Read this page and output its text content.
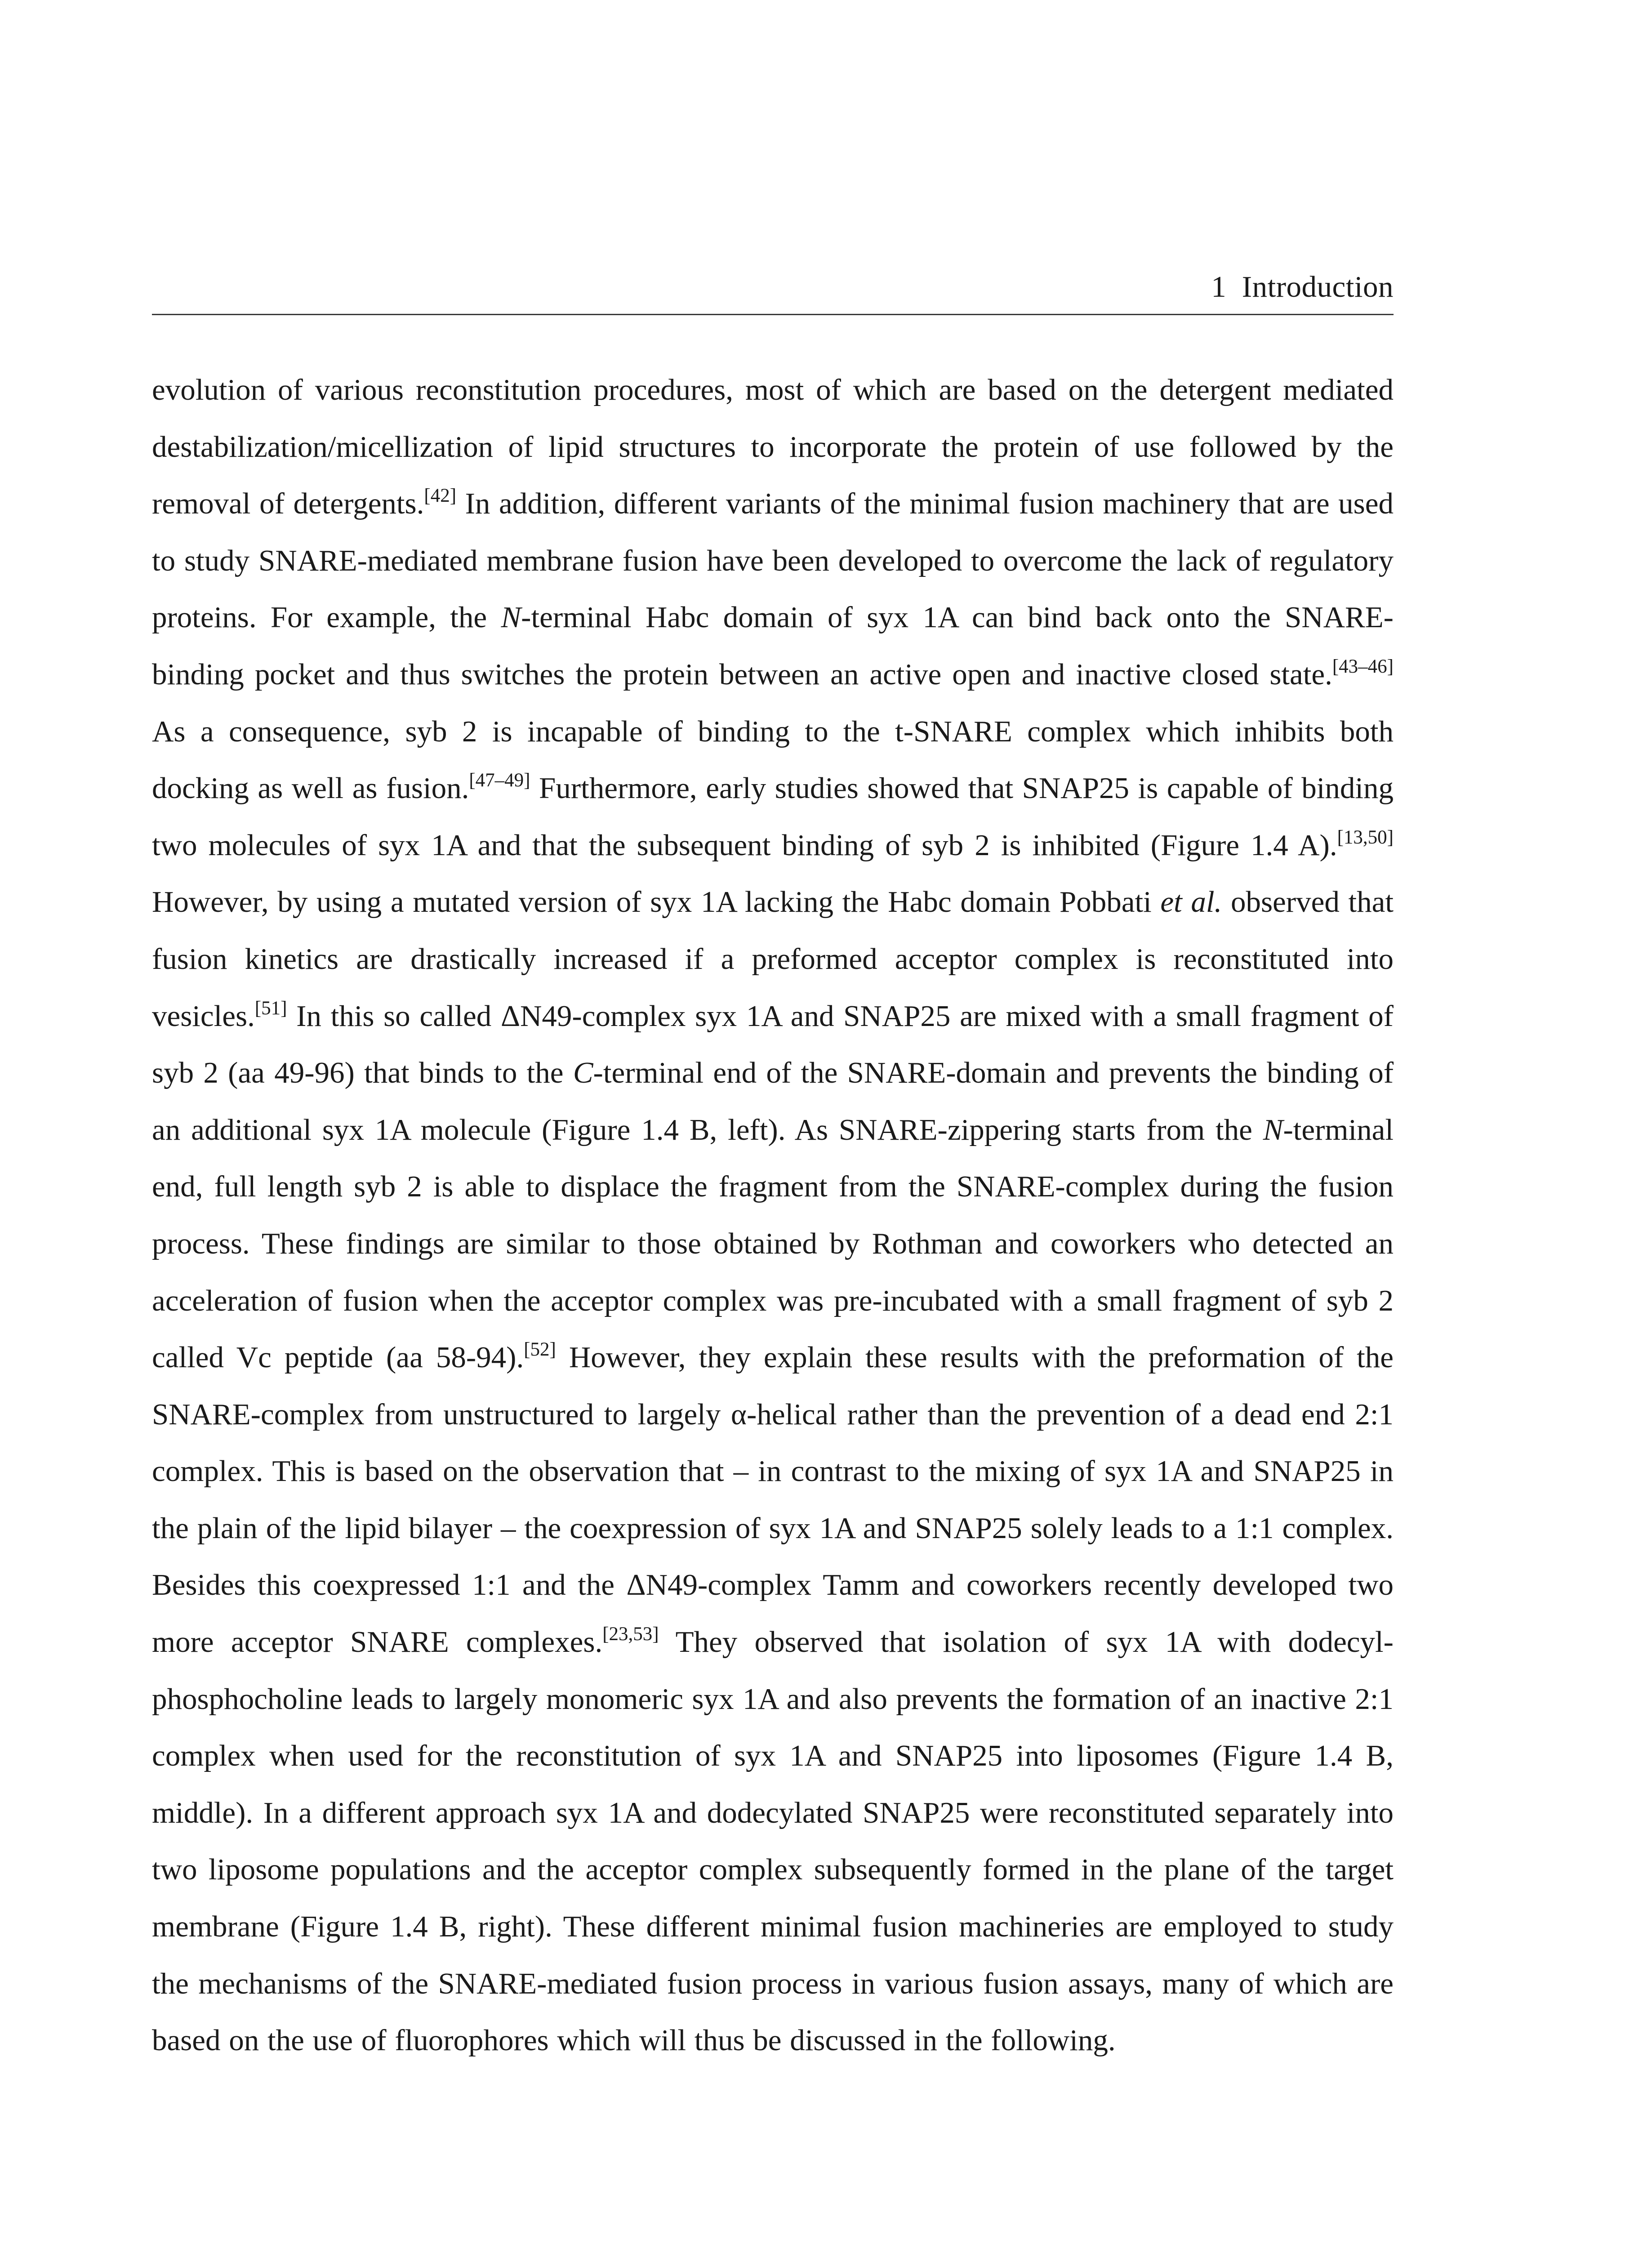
1 Introduction
evolution of various reconstitution procedures, most of which are based on the detergent mediated destabilization/micellization of lipid structures to incorporate the protein of use followed by the removal of detergents.[42] In addition, different variants of the minimal fusion machinery that are used to study SNARE-mediated membrane fusion have been developed to overcome the lack of regulatory proteins. For example, the N-terminal Habc domain of syx 1A can bind back onto the SNARE-binding pocket and thus switches the protein between an active open and inactive closed state.[43–46] As a consequence, syb 2 is incapable of binding to the t-SNARE complex which inhibits both docking as well as fusion.[47–49] Furthermore, early studies showed that SNAP25 is capable of binding two molecules of syx 1A and that the subsequent binding of syb 2 is inhibited (Figure 1.4 A).[13,50] However, by using a mutated version of syx 1A lacking the Habc domain Pobbati et al. observed that fusion kinetics are drastically increased if a preformed acceptor complex is reconstituted into vesicles.[51] In this so called ΔN49-complex syx 1A and SNAP25 are mixed with a small fragment of syb 2 (aa 49-96) that binds to the C-terminal end of the SNARE-domain and prevents the binding of an additional syx 1A molecule (Figure 1.4 B, left). As SNARE-zippering starts from the N-terminal end, full length syb 2 is able to displace the fragment from the SNARE-complex during the fusion process. These findings are similar to those obtained by Rothman and coworkers who detected an acceleration of fusion when the acceptor complex was pre-incubated with a small fragment of syb 2 called Vc peptide (aa 58-94).[52] However, they explain these results with the preformation of the SNARE-complex from unstructured to largely α-helical rather than the prevention of a dead end 2:1 complex. This is based on the observation that – in contrast to the mixing of syx 1A and SNAP25 in the plain of the lipid bilayer – the coexpression of syx 1A and SNAP25 solely leads to a 1:1 complex. Besides this coexpressed 1:1 and the ΔN49-complex Tamm and coworkers recently developed two more acceptor SNARE complexes.[23,53] They observed that isolation of syx 1A with dodecyl-phosphocholine leads to largely monomeric syx 1A and also prevents the formation of an inactive 2:1 complex when used for the reconstitution of syx 1A and SNAP25 into liposomes (Figure 1.4 B, middle). In a different approach syx 1A and dodecylated SNAP25 were reconstituted separately into two liposome populations and the acceptor complex subsequently formed in the plane of the target membrane (Figure 1.4 B, right). These different minimal fusion machineries are employed to study the mechanisms of the SNARE-mediated fusion process in various fusion assays, many of which are based on the use of fluorophores which will thus be discussed in the following.
